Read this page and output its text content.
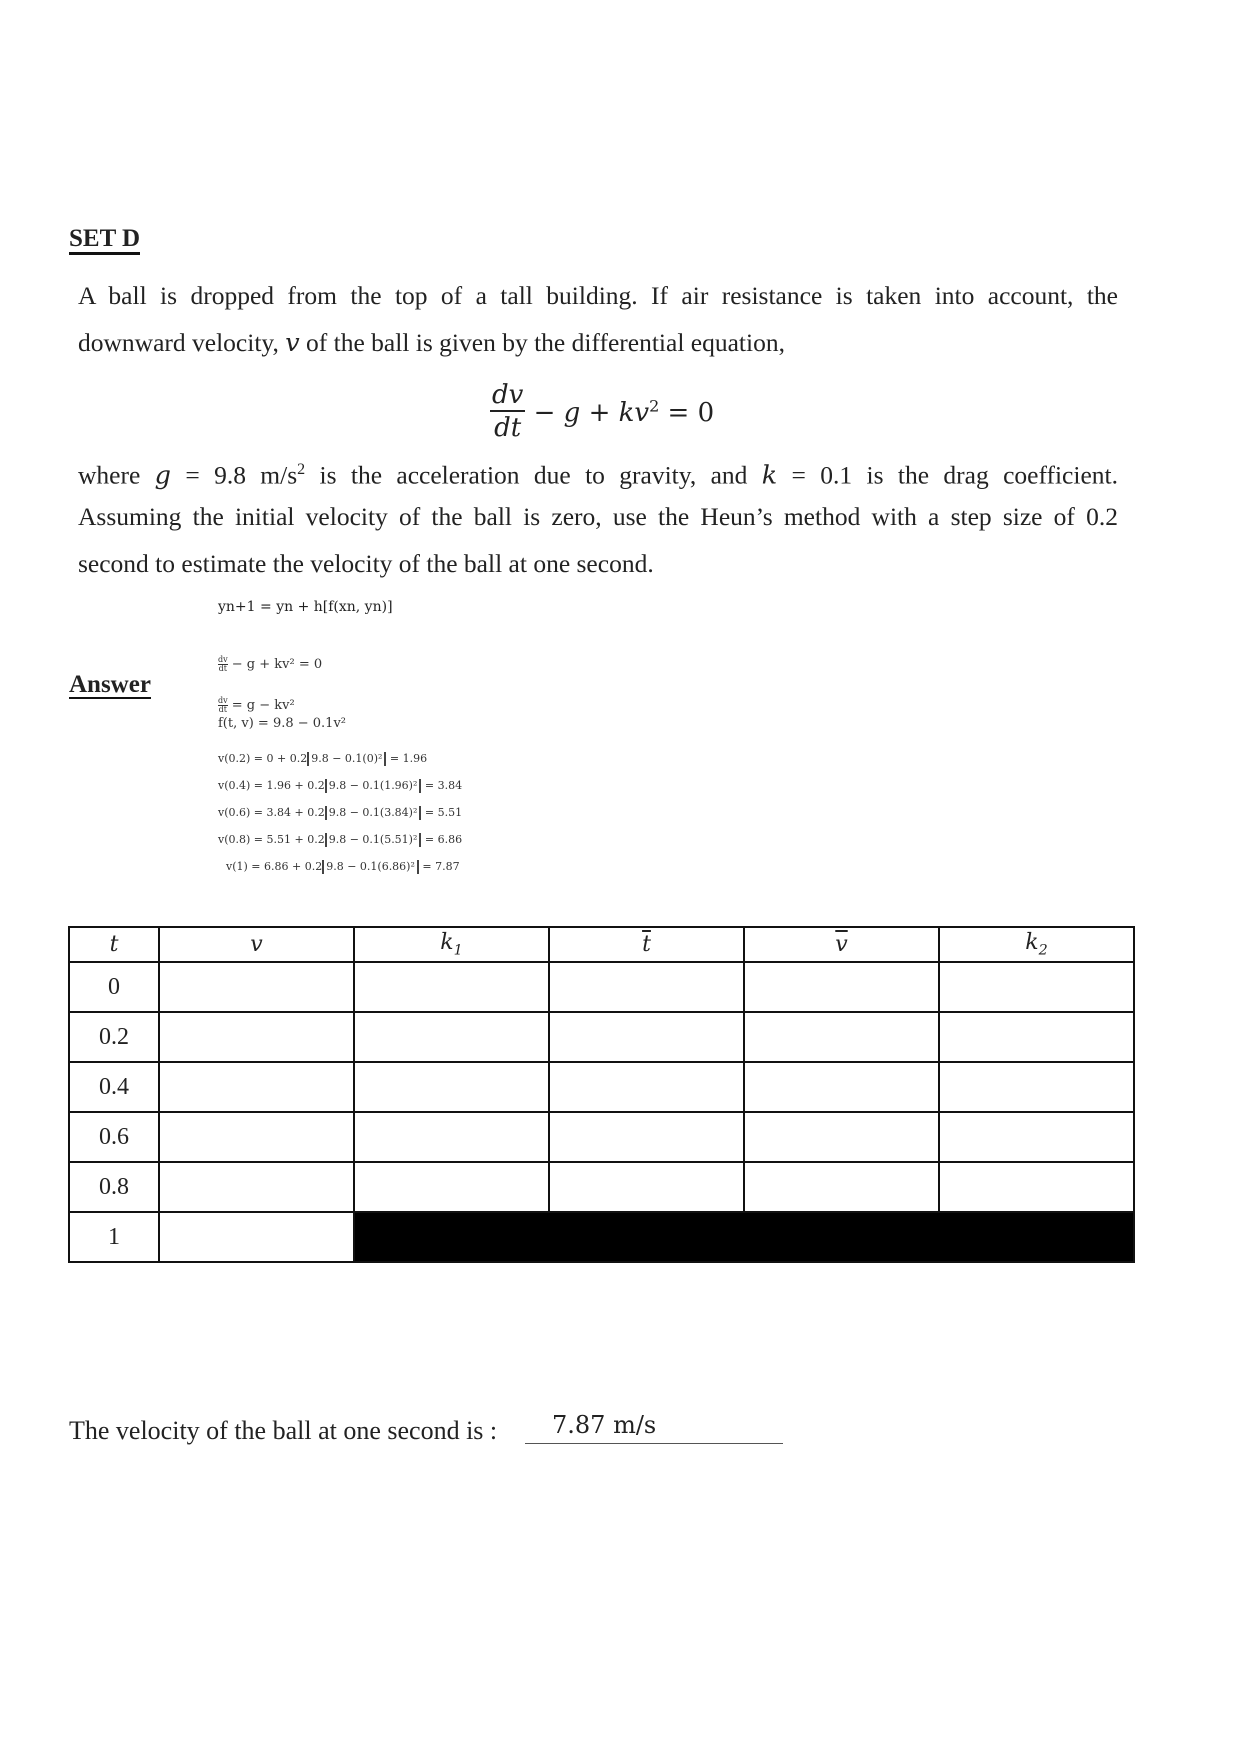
SET D
A ball is dropped from the top of a tall building. If air resistance is taken into account, the
downward velocity, v of the ball is given by the differential equation,
$\frac{dv}{dt} - g + kv^2 = 0$
where g = 9.8 $m/s^2$ is the acceleration due to gravity, and k = 0.1 is the drag coefficient.
Assuming the initial velocity of the ball is zero, use the Heun’s method with a step size of 0.2
second to estimate the velocity of the ball at one second.
yn+1 = yn + h[f(xn, yn)]
Answer
$\frac{dv}{dt} - g + kv^2 = 0$
$\frac{dv}{dt} = g - kv^2$
f(t, v) = 9.8 − 0.1v²
v(0.2) = 0 + 0.2 9.8 − 0.1(0)² = 1.96
v(0.4) = 1.96 + 0.2 9.8 − 0.1(1.96)² = 3.84
v(0.6) = 3.84 + 0.2 9.8 − 0.1(3.84)² = 5.51
v(0.8) = 5.51 + 0.2 9.8 − 0.1(5.51)² = 6.86
v(1) = 6.86 + 0.2 9.8 − 0.1(6.86)² = 7.87
t	v	$k_1$	$\overline{t}$	$\overline{v}$	$k_2$
0					
0.2					
0.4					
0.6					
0.8					
1					
The velocity of the ball at one second is :	7.87 m/s
